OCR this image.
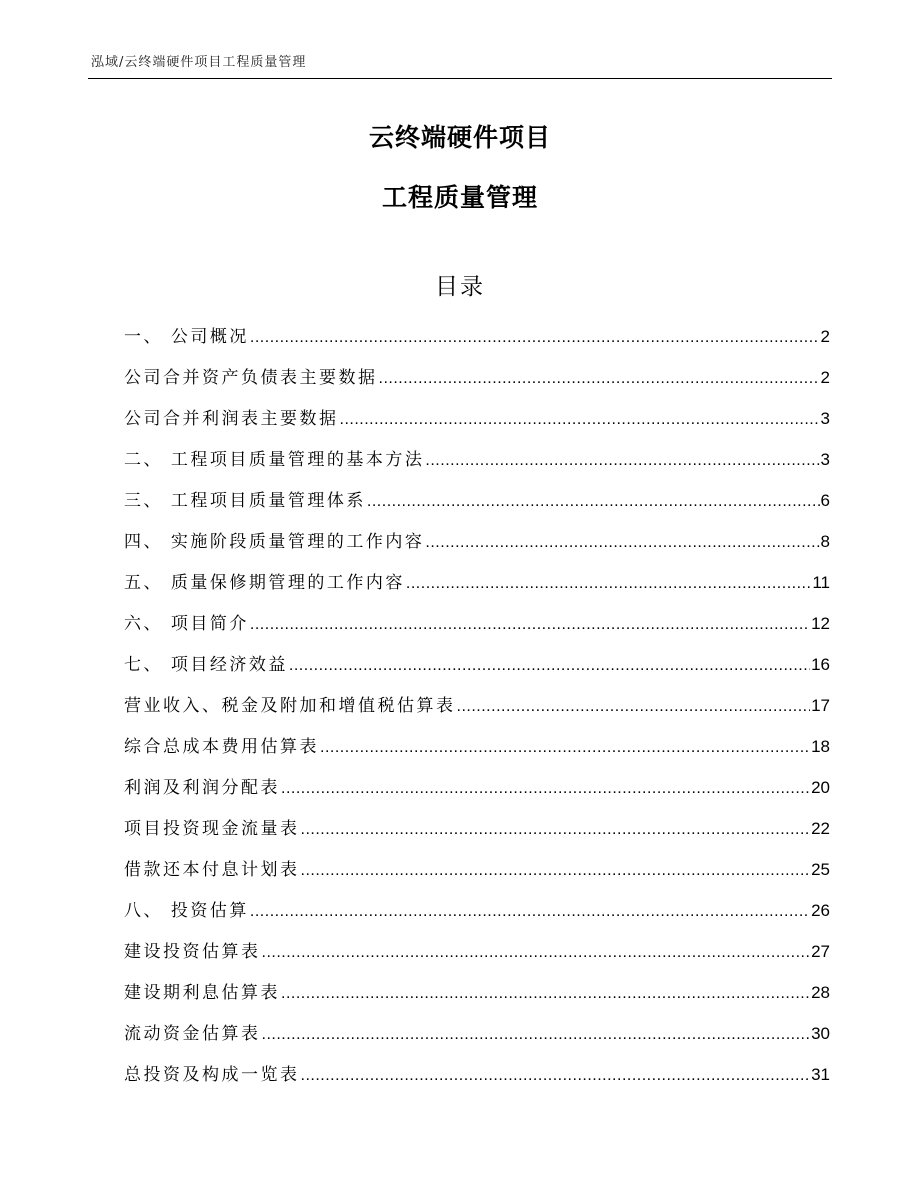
泓域/云终端硬件项目工程质量管理
云终端硬件项目
工程质量管理
目录
一、 公司概况 .....	2
公司合并资产负债表主要数据 .....	2
公司合并利润表主要数据 .....	3
二、 工程项目质量管理的基本方法 .....	3
三、 工程项目质量管理体系 .....	6
四、 实施阶段质量管理的工作内容 .....	8
五、 质量保修期管理的工作内容 .....	11
六、 项目简介 .....	12
七、 项目经济效益 .....	16
营业收入、税金及附加和增值税估算表 .....	17
综合总成本费用估算表 .....	18
利润及利润分配表 .....	20
项目投资现金流量表 .....	22
借款还本付息计划表 .....	25
八、 投资估算 .....	26
建设投资估算表 .....	27
建设期利息估算表 .....	28
流动资金估算表 .....	30
总投资及构成一览表 .....	31
